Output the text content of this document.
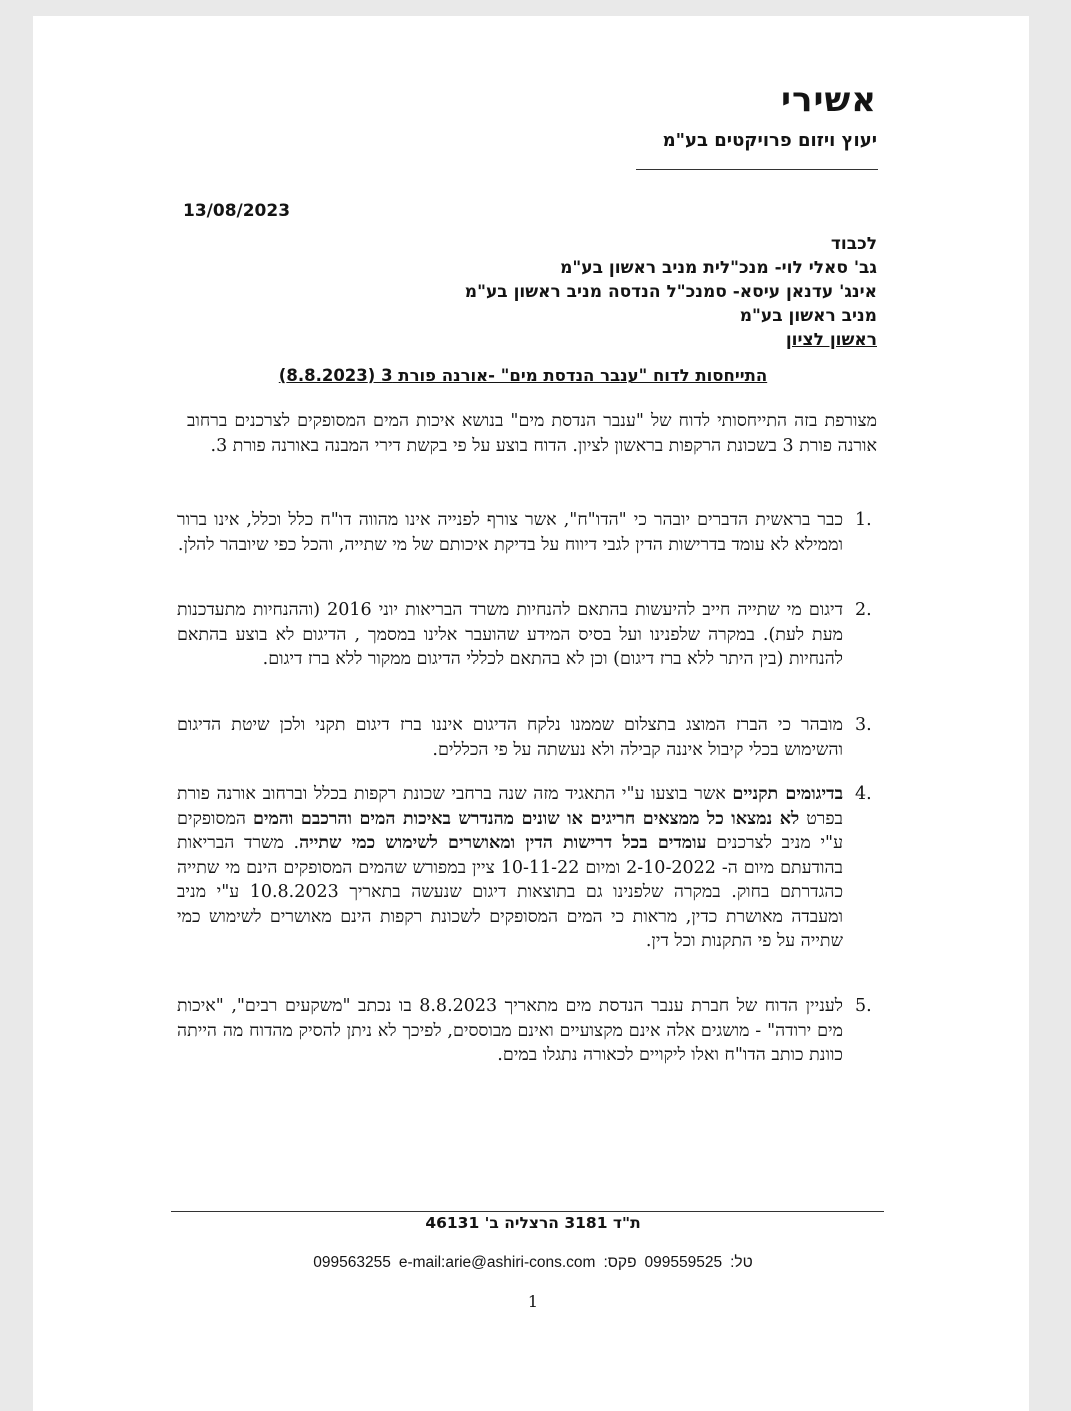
אשירי
יעוץ ויזום פרויקטים בע"מ
13/08/2023
לכבוד
גב' סאלי לוי- מנכ"לית מניב ראשון בע"מ
אינג' עדנאן עיסא- סמנכ"ל הנדסה מניב ראשון בע"מ
מניב ראשון בע"מ
ראשון לציון
התייחסות לדוח "ענבר הנדסת מים" -אורנה פורת 3 (8.8.2023)
מצורפת בזה התייחסותי לדוח של "ענבר הנדסת מים" בנושא איכות המים המסופקים לצרכנים ברחוב אורנה פורת 3 בשכונת הרקפות בראשון לציון. הדוח בוצע על פי בקשת דירי המבנה באורנה פורת 3.
1.
כבר בראשית הדברים יובהר כי "הדו"ח", אשר צורף לפנייה אינו מהווה דו"ח כלל וכלל, אינו ברור וממילא לא עומד בדרישות הדין לגבי דיווח על בדיקת איכותם של מי שתייה, והכל כפי שיובהר להלן.
2.
דיגום מי שתייה חייב להיעשות בהתאם להנחיות משרד הבריאות יוני 2016 (וההנחיות מתעדכנות מעת לעת). במקרה שלפנינו ועל בסיס המידע שהועבר אלינו במסמך , הדיגום לא בוצע בהתאם להנחיות (בין היתר ללא ברז דיגום) וכן לא בהתאם לכללי הדיגום ממקור ללא ברז דיגום.
3.
מובהר כי הברז המוצג בתצלום שממנו נלקח הדיגום איננו ברז דיגום תקני ולכן שיטת הדיגום והשימוש בכלי קיבול איננה קבילה ולא נעשתה על פי הכללים.
4.
בדיגומים תקניים אשר בוצעו ע"י התאגיד מזה שנה ברחבי שכונת רקפות בכלל וברחוב אורנה פורת בפרט לא נמצאו כל ממצאים חריגים או שונים מהנדרש באיכות המים והרכבם והמים המסופקים ע"י מניב לצרכנים עומדים בכל דרישות הדין ומאושרים לשימוש כמי שתייה. משרד הבריאות בהודעתם מיום ה- 2-10-2022 ומיום 10-11-22 ציין במפורש שהמים המסופקים הינם מי שתייה כהגדרתם בחוק. במקרה שלפנינו גם בתוצאות דיגום שנעשה בתאריך 10.8.2023 ע"י מניב ומעבדה מאושרת כדין, מראות כי המים המסופקים לשכונת רקפות הינם מאושרים לשימוש כמי שתייה על פי התקנות וכל דין.
5.
לעניין הדוח של חברת ענבר הנדסת מים מתאריך 8.8.2023 בו נכתב "משקעים רבים", "איכות מים ירודה" - מושגים אלה אינם מקצועיים ואינם מבוססים, לפיכך לא ניתן להסיק מהדוח מה הייתה כוונת כותב הדו"ח ואלו ליקויים לכאורה נתגלו במים.
ת"ד 3181 הרצליה ב' 46131
טל:099559525פקס:099563255 e-mail:arie@ashiri-cons.com
1
